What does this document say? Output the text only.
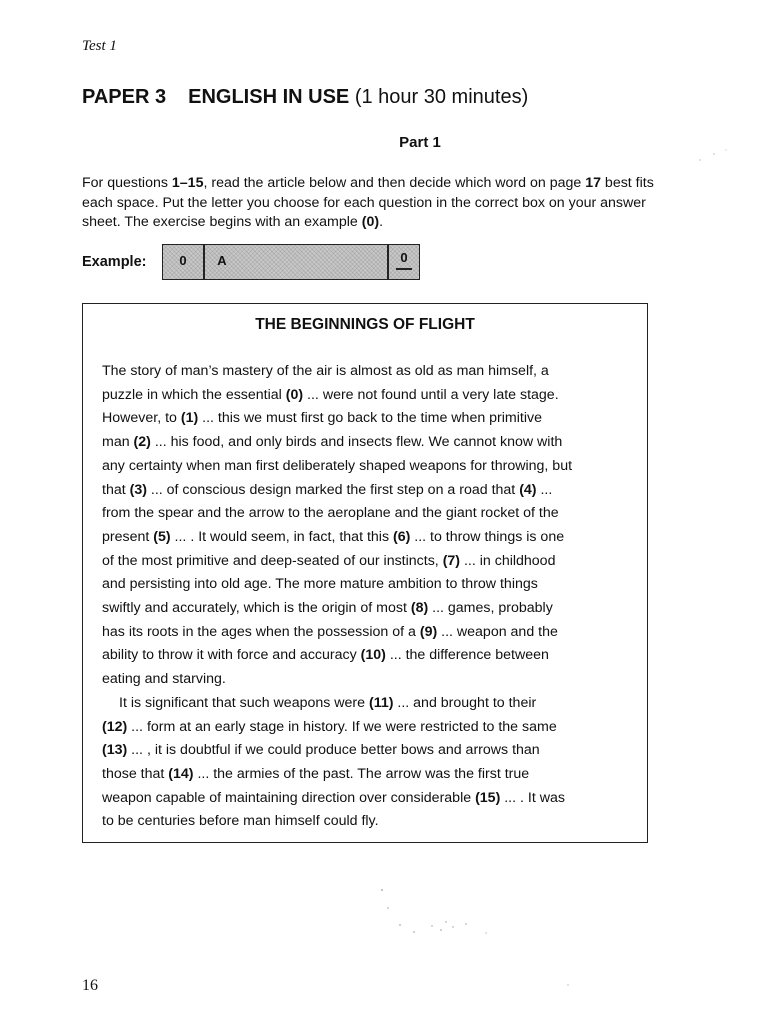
Test 1

PAPER 3 ENGLISH IN USE (1 hour 30 minutes)
Part 1

For questions 1–15, read the article below and then decide which word on page 17 best fits
each space. Put the letter you choose for each question in the correct box on your answer
sheet. The exercise begins with an example (0).

Example:	0	A	0
THE BEGINNINGS OF FLIGHT

The story of man’s mastery of the air is almost as old as man himself, a
puzzle in which the essential (0) ... were not found until a very late stage.
However, to (1) ... this we must first go back to the time when primitive
man (2) ... his food, and only birds and insects flew. We cannot know with
any certainty when man first deliberately shaped weapons for throwing, but
that (3) ... of conscious design marked the first step on a road that (4) ...
from the spear and the arrow to the aeroplane and the giant rocket of the
present (5) ... . It would seem, in fact, that this (6) ... to throw things is one
of the most primitive and deep-seated of our instincts, (7) ... in childhood
and persisting into old age. The more mature ambition to throw things
swiftly and accurately, which is the origin of most (8) ... games, probably
has its roots in the ages when the possession of a (9) ... weapon and the
ability to throw it with force and accuracy (10) ... the difference between
eating and starving.
It is significant that such weapons were (11) ... and brought to their
(12) ... form at an early stage in history. If we were restricted to the same
(13) ... , it is doubtful if we could produce better bows and arrows than
those that (14) ... the armies of the past. The arrow was the first true
weapon capable of maintaining direction over considerable (15) ... . It was
to be centuries before man himself could fly.

16
